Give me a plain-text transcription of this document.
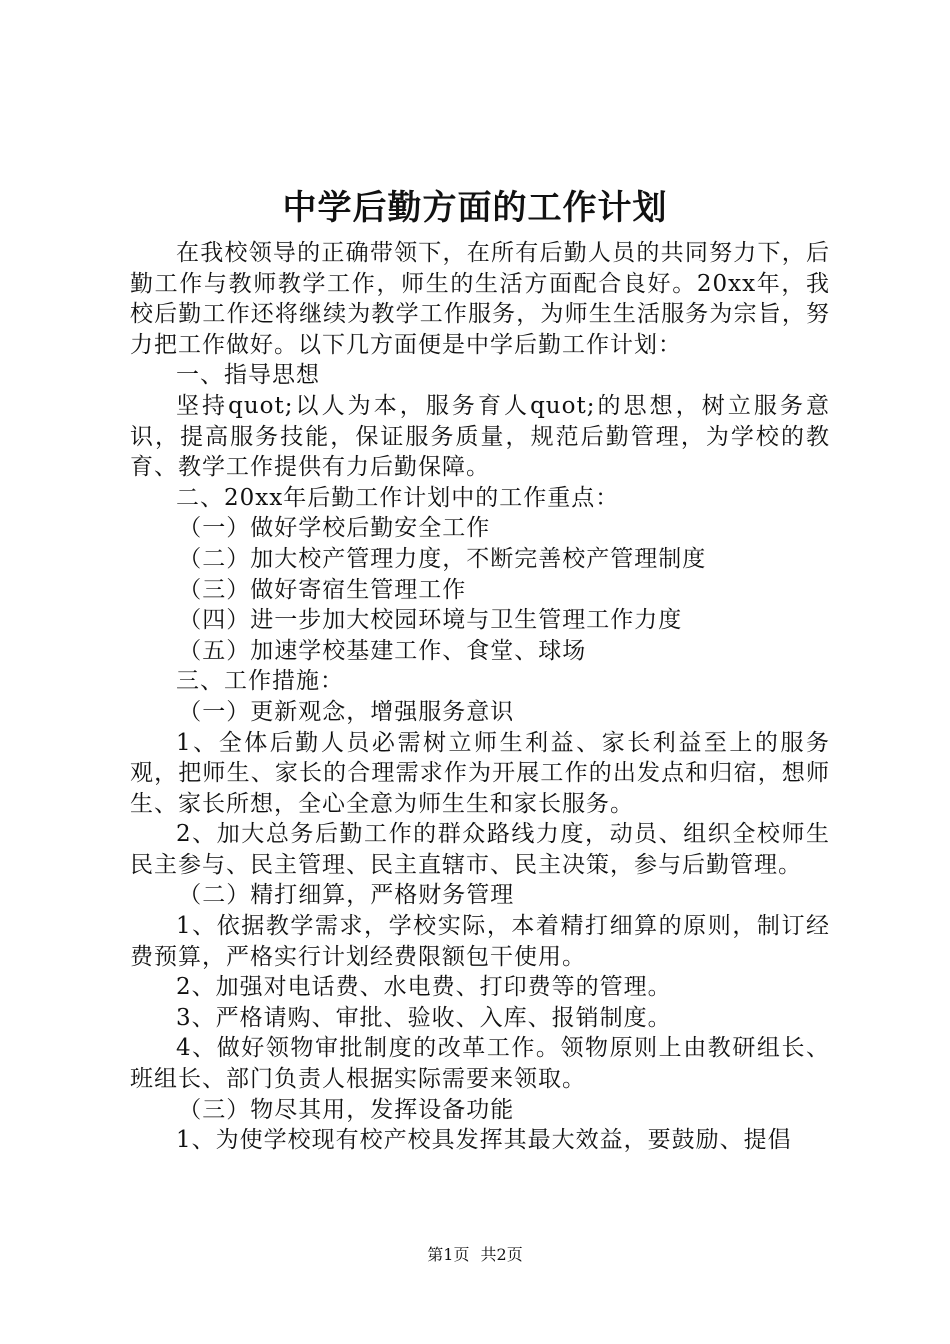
中学后勤方面的工作计划

在我校领导的正确带领下，在所有后勤人员的共同努力下，后勤工作与教师教学工作，师生的生活方面配合良好。20xx年，我校后勤工作还将继续为教学工作服务，为师生生活服务为宗旨，努力把工作做好。以下几方面便是中学后勤工作计划：

一、指导思想

坚持quot;以人为本，服务育人quot;的思想，树立服务意识，提高服务技能，保证服务质量，规范后勤管理，为学校的教育、教学工作提供有力后勤保障。

二、20xx年后勤工作计划中的工作重点：

（一）做好学校后勤安全工作

（二）加大校产管理力度，不断完善校产管理制度

（三）做好寄宿生管理工作

（四）进一步加大校园环境与卫生管理工作力度

（五）加速学校基建工作、食堂、球场

三、工作措施：

（一）更新观念，增强服务意识

1、全体后勤人员必需树立师生利益、家长利益至上的服务观，把师生、家长的合理需求作为开展工作的出发点和归宿，想师生、家长所想，全心全意为师生生和家长服务。

2、加大总务后勤工作的群众路线力度，动员、组织全校师生民主参与、民主管理、民主直辖市、民主决策，参与后勤管理。

（二）精打细算，严格财务管理

1、依据教学需求，学校实际，本着精打细算的原则，制订经费预算，严格实行计划经费限额包干使用。

2、加强对电话费、水电费、打印费等的管理。

3、严格请购、审批、验收、入库、报销制度。

4、做好领物审批制度的改革工作。领物原则上由教研组长、班组长、部门负责人根据实际需要来领取。

（三）物尽其用，发挥设备功能

1、为使学校现有校产校具发挥其最大效益，要鼓励、提倡

第1页 共2页
